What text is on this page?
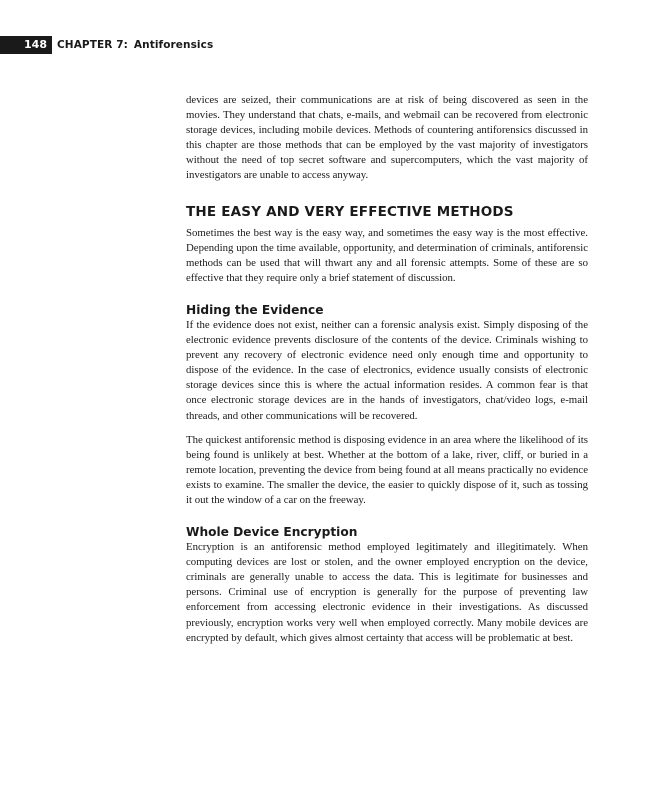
148 CHAPTER 7: Antiforensics

devices are seized, their communications are at risk of being discovered as seen in the movies. They understand that chats, e-mails, and webmail can be recovered from electronic storage devices, including mobile devices. Methods of countering antiforensics discussed in this chapter are those methods that can be employed by the vast majority of investigators without the need of top secret software and supercomputers, which the vast majority of investigators are unable to access anyway.

THE EASY AND VERY EFFECTIVE METHODS

Sometimes the best way is the easy way, and sometimes the easy way is the most effective. Depending upon the time available, opportunity, and determination of criminals, antiforensic methods can be used that will thwart any and all forensic attempts. Some of these are so effective that they require only a brief statement of discussion.

Hiding the Evidence

If the evidence does not exist, neither can a forensic analysis exist. Simply disposing of the electronic evidence prevents disclosure of the contents of the device. Criminals wishing to prevent any recovery of electronic evidence need only enough time and opportunity to dispose of the evidence. In the case of electronics, evidence usually consists of electronic storage devices since this is where the actual information resides. A common fear is that once electronic storage devices are in the hands of investigators, chat/video logs, e-mail threads, and other communications will be recovered.

The quickest antiforensic method is disposing evidence in an area where the likelihood of its being found is unlikely at best. Whether at the bottom of a lake, river, cliff, or buried in a remote location, preventing the device from being found at all means practically no evidence exists to examine. The smaller the device, the easier to quickly dispose of it, such as tossing it out the window of a car on the freeway.

Whole Device Encryption

Encryption is an antiforensic method employed legitimately and illegitimately. When computing devices are lost or stolen, and the owner employed encryption on the device, criminals are generally unable to access the data. This is legitimate for businesses and persons. Criminal use of encryption is generally for the purpose of preventing law enforcement from accessing electronic evidence in their investigations. As discussed previously, encryption works very well when employed correctly. Many mobile devices are encrypted by default, which gives almost certainty that access will be problematic at best.
